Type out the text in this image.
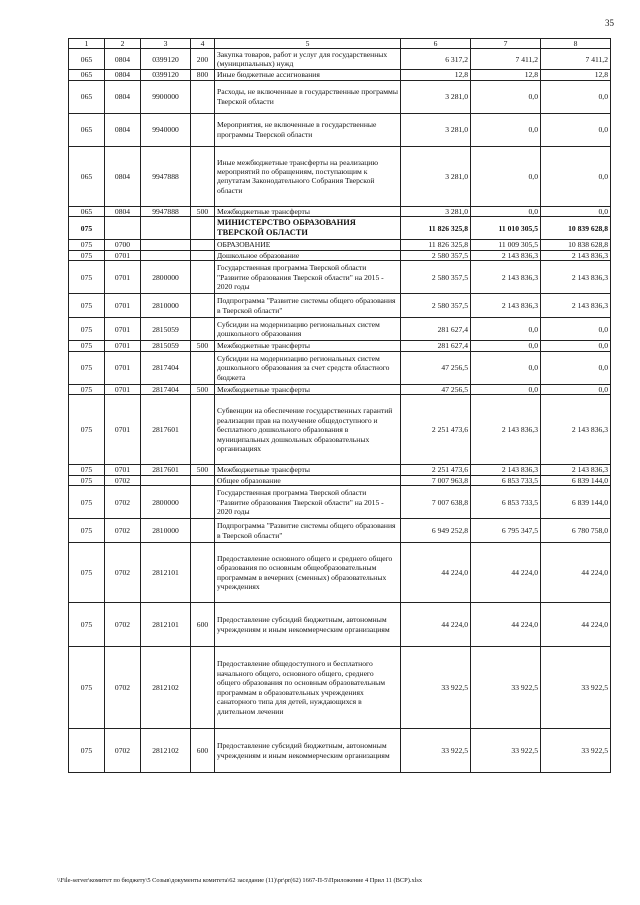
35
1	2	3	4	5	6	7	8
065	0804	0399120	200	Закупка товаров, работ и услуг для государственных (муниципальных) нужд	6 317,2	7 411,2	7 411,2
065	0804	0399120	800	Иные бюджетные ассигнования	12,8	12,8	12,8
065	0804	9900000		Расходы, не включенные в государственные программы Тверской области	3 281,0	0,0	0,0
065	0804	9940000		Мероприятия, не включенные в государственные программы Тверской области	3 281,0	0,0	0,0
065	0804	9947888		Иные межбюджетные трансферты на реализацию мероприятий по обращениям, поступающим к депутатам Законодательного Собрания Тверской области	3 281,0	0,0	0,0
065	0804	9947888	500	Межбюджетные трансферты	3 281,0	0,0	0,0
075				МИНИСТЕРСТВО ОБРАЗОВАНИЯ ТВЕРСКОЙ ОБЛАСТИ	11 826 325,8	11 010 305,5	10 839 628,8
075	0700			ОБРАЗОВАНИЕ	11 826 325,8	11 009 305,5	10 838 628,8
075	0701			Дошкольное образование	2 580 357,5	2 143 836,3	2 143 836,3
075	0701	2800000		Государственная программа Тверской области "Развитие образования Тверской области" на 2015 - 2020 годы	2 580 357,5	2 143 836,3	2 143 836,3
075	0701	2810000		Подпрограмма "Развитие системы общего образования в Тверской области"	2 580 357,5	2 143 836,3	2 143 836,3
075	0701	2815059		Субсидии на модернизацию региональных систем дошкольного образования	281 627,4	0,0	0,0
075	0701	2815059	500	Межбюджетные трансферты	281 627,4	0,0	0,0
075	0701	2817404		Субсидии на модернизацию региональных систем дошкольного образования за счет средств областного бюджета	47 256,5	0,0	0,0
075	0701	2817404	500	Межбюджетные трансферты	47 256,5	0,0	0,0
075	0701	2817601		Субвенции на обеспечение государственных гарантий реализации прав на получение общедоступного и бесплатного дошкольного образования в муниципальных дошкольных образовательных организациях	2 251 473,6	2 143 836,3	2 143 836,3
075	0701	2817601	500	Межбюджетные трансферты	2 251 473,6	2 143 836,3	2 143 836,3
075	0702			Общее образование	7 007 963,8	6 853 733,5	6 839 144,0
075	0702	2800000		Государственная программа Тверской области "Развитие образования Тверской области" на 2015 - 2020 годы	7 007 638,8	6 853 733,5	6 839 144,0
075	0702	2810000		Подпрограмма "Развитие системы общего образования в Тверской области"	6 949 252,8	6 795 347,5	6 780 758,0
075	0702	2812101		Предоставление основного общего и среднего общего образования по основным общеобразовательным программам в вечерних (сменных) образовательных учреждениях	44 224,0	44 224,0	44 224,0
075	0702	2812101	600	Предоставление субсидий бюджетным, автономным учреждениям и иным некоммерческим организациям	44 224,0	44 224,0	44 224,0
075	0702	2812102		Предоставление общедоступного и бесплатного начального общего, основного общего, среднего общего образования по основным образовательным программам в образовательных учреждениях санаторного типа для детей, нуждающихся в длительном лечении	33 922,5	33 922,5	33 922,5
075	0702	2812102	600	Предоставление субсидий бюджетным, автономным учреждениям и иным некоммерческим организациям	33 922,5	33 922,5	33 922,5
\\File-server\комитет по бюджету\5 Созыв\документы комитета\62 заседание (11)\pr\pr(62) 1667-П-5\Приложение 4 Прил 11 (ВСР).xlsx
